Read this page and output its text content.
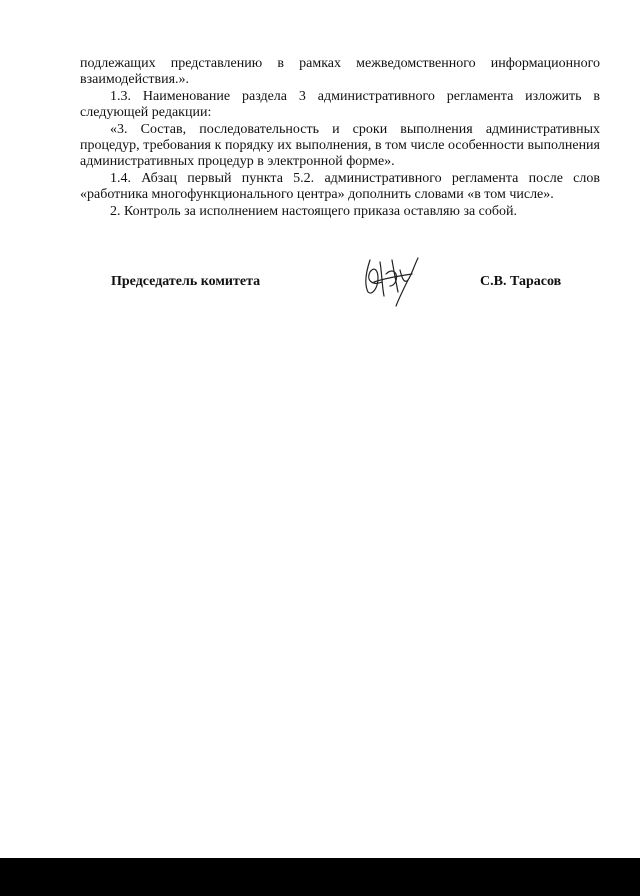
подлежащих представлению в рамках межведомственного информационного взаимодействия.».

1.3. Наименование раздела 3 административного регламента изложить в следующей редакции:

«3. Состав, последовательность и сроки выполнения административных процедур, требования к порядку их выполнения, в том числе особенности выполнения административных процедур в электронной форме».

1.4. Абзац первый пункта 5.2. административного регламента после слов «работника многофункционального центра» дополнить словами «в том числе».

2. Контроль за исполнением настоящего приказа оставляю за собой.

Председатель комитета	С.В. Тарасов
